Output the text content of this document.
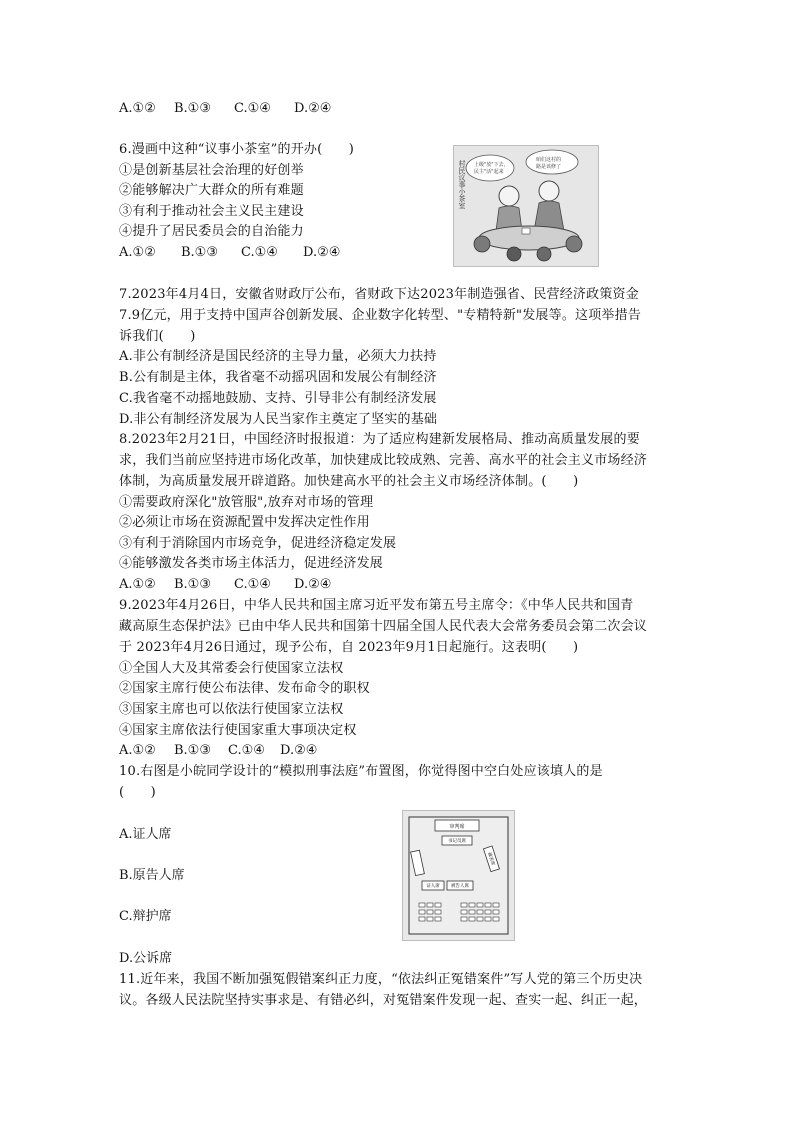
A.①② B.①③ C.①④ D.②④
6.漫画中这种“议事小茶室”的开办(　　)
①是创新基层社会治理的好创举
②能够解决广大群众的所有难题
③有利于推动社会主义民主建设
④提升了居民委员会的自治能力
A.①② B.①③ C.①④ D.②④
村民议事小茶室 上级"放"下去，
民主"活"起来
咱们这村的
路是该修了
7.2023年4月4日，安徽省财政厅公布，省财政下达2023年制造强省、民营经济政策资金
7.9亿元，用于支持中国声谷创新发展、企业数字化转型、"专精特新"发展等。这项举措告
诉我们(　　)
A.非公有制经济是国民经济的主导力量，必须大力扶持
B.公有制是主体，我省毫不动摇巩固和发展公有制经济
C.我省毫不动摇地鼓励、支持、引导非公有制经济发展
D.非公有制经济发展为人民当家作主奠定了坚实的基础
8.2023年2月21日，中国经济时报报道：为了适应构建新发展格局、推动高质量发展的要
求，我们当前应坚持进市场化改革，加快建成比较成熟、完善、高水平的社会主义市场经济
体制，为高质量发展开辟道路。加快建高水平的社会主义市场经济体制。(　　)
①需要政府深化"放管服",放弃对市场的管理
②必须让市场在资源配置中发挥决定性作用
③有利于消除国内市场竞争，促进经济稳定发展
④能够激发各类市场主体活力，促进经济发展
A.①② B.①③ C.①④ D.②④
9.2023年4月26日，中华人民共和国主席习近平发布第五号主席令：《中华人民共和国青
藏高原生态保护法》已由中华人民共和国第十四届全国人民代表大会常务委员会第二次会议
于 2023年4月26日通过，现予公布，自 2023年9月1日起施行。这表明(　　)
①全国人大及其常委会行使国家立法权
②国家主席行使公布法律、发布命令的职权
③国家主席也可以依法行使国家立法权
④国家主席依法行使国家重大事项决定权
A.①② B.①③ C.①④ D.②④
10.右图是小皖同学设计的“模拟刑事法庭”布置图，你觉得图中空白处应该填人的是
(　　)
A.证人席
B.原告人席
C.辩护席
D.公诉席
审判席
书记员席
被害席
证人席	被告人席
11.近年来，我国不断加强冤假错案纠正力度，“依法纠正冤错案件”写人党的第三个历史决
议。各级人民法院坚持实事求是、有错必纠，对冤错案件发现一起、查实一起、纠正一起，
